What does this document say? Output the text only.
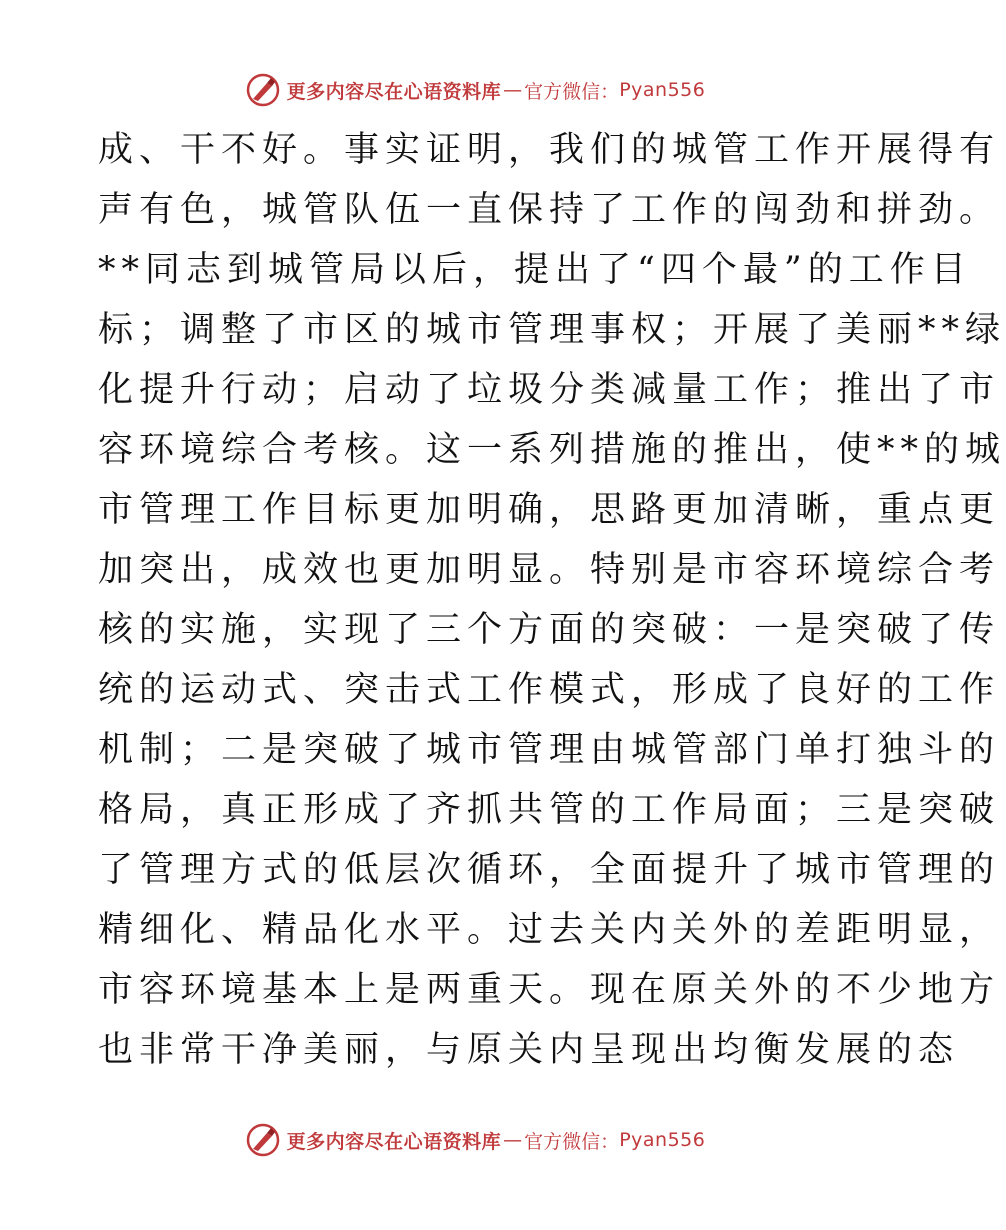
更多内容尽在心语资料库 — 官方微信： Pyan556
成、干不好。事实证明，我们的城管工作开展得有
声有色，城管队伍一直保持了工作的闯劲和拼劲。
**同志到城管局以后，提出了“四个最”的工作目
标；调整了市区的城市管理事权；开展了美丽**绿
化提升行动；启动了垃圾分类减量工作；推出了市
容环境综合考核。这一系列措施的推出，使**的城
市管理工作目标更加明确，思路更加清晰，重点更
加突出，成效也更加明显。特别是市容环境综合考
核的实施，实现了三个方面的突破：一是突破了传
统的运动式、突击式工作模式，形成了良好的工作
机制；二是突破了城市管理由城管部门单打独斗的
格局，真正形成了齐抓共管的工作局面；三是突破
了管理方式的低层次循环，全面提升了城市管理的
精细化、精品化水平。过去关内关外的差距明显，
市容环境基本上是两重天。现在原关外的不少地方
也非常干净美丽，与原关内呈现出均衡发展的态
更多内容尽在心语资料库 — 官方微信： Pyan556
